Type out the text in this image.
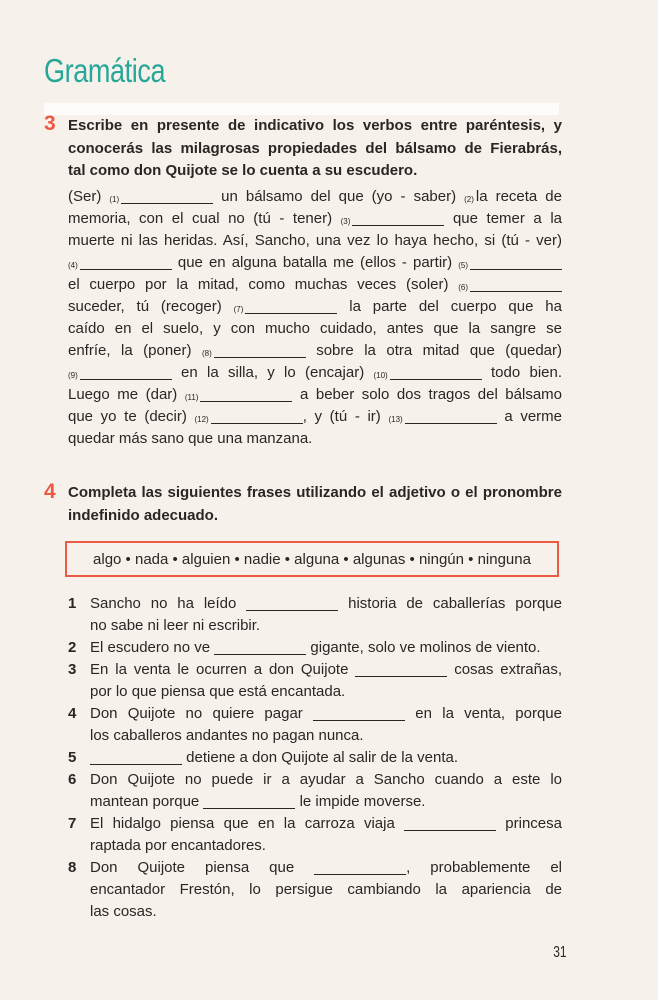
Gramática
3 Escribe en presente de indicativo los verbos entre paréntesis, y
conocerás las milagrosas propiedades del bálsamo de Fierabrás,
tal como don Quijote se lo cuenta a su escudero.
(Ser) (1)	un bálsamo del que (yo - saber) (2) la receta de
memoria, con el cual no (tú - tener) (3)	que temer a la
muerte ni las heridas. Así, Sancho, una vez lo haya hecho, si (tú - ver)
(4)	que en alguna batalla me (ellos - partir) (5)
el cuerpo por la mitad, como muchas veces (soler) (6)
suceder, tú (recoger) (7)	la parte del cuerpo que ha
caído en el suelo, y con mucho cuidado, antes que la sangre se
enfríe, la (poner) (8)	sobre la otra mitad que (quedar)
(9)	en la silla, y lo (encajar) (10)	todo bien.
Luego me (dar) (11)	a beber solo dos tragos del bálsamo
que yo te (decir) (12)	, y (tú - ir) (13)	a verme
quedar más sano que una manzana.
4 Completa las siguientes frases utilizando el adjetivo o el pronombre
indefinido adecuado.
algo • nada • alguien • nadie • alguna • algunas • ningún • ninguna
1 Sancho no ha leído	historia de caballerías porque
no sabe ni leer ni escribir.
2 El escudero no ve	gigante, solo ve molinos de viento.
3 En la venta le ocurren a don Quijote	cosas extrañas,
por lo que piensa que está encantada.
4 Don Quijote no quiere pagar	en la venta, porque
los caballeros andantes no pagan nunca.
5	detiene a don Quijote al salir de la venta.
6 Don Quijote no puede ir a ayudar a Sancho cuando a este lo
mantean porque	le impide moverse.
7 El hidalgo piensa que en la carroza viaja	princesa
raptada por encantadores.
8 Don Quijote piensa que	, probablemente el
encantador Frestón, lo persigue cambiando la apariencia de
las cosas.
31
